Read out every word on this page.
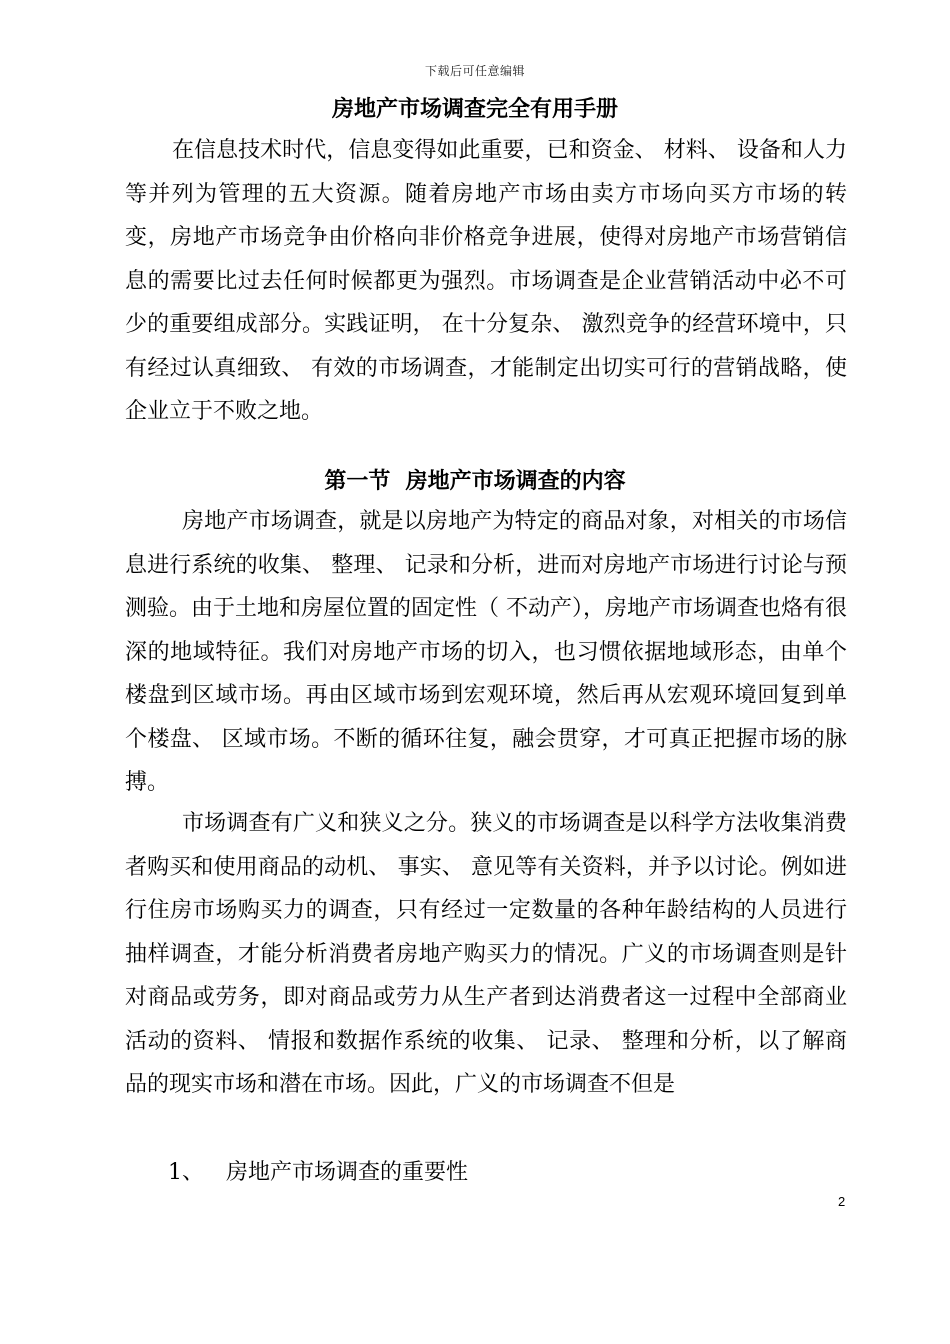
下载后可任意编辑
房地产市场调查完全有用手册

在信息技术时代，信息变得如此重要，已和资金、 材料、 设备和人力等并列为管理的五大资源。随着房地产市场由卖方市场向买方市场的转变，房地产市场竞争由价格向非价格竞争进展，使得对房地产市场营销信息的需要比过去任何时候都更为强烈。市场调查是企业营销活动中必不可少的重要组成部分。实践证明， 在十分复杂、 激烈竞争的经营环境中，只有经过认真细致、 有效的市场调查，才能制定出切实可行的营销战略，使企业立于不败之地。

第一节  房地产市场调查的内容

房地产市场调查，就是以房地产为特定的商品对象，对相关的市场信息进行系统的收集、 整理、 记录和分析，进而对房地产市场进行讨论与预测验。由于土地和房屋位置的固定性（ 不动产），房地产市场调查也烙有很深的地域特征。我们对房地产市场的切入，也习惯依据地域形态，由单个楼盘到区域市场。再由区域市场到宏观环境，然后再从宏观环境回复到单个楼盘、 区域市场。不断的循环往复，融会贯穿，才可真正把握市场的脉搏。

市场调查有广义和狭义之分。狭义的市场调查是以科学方法收集消费者购买和使用商品的动机、 事实、 意见等有关资料，并予以讨论。例如进行住房市场购买力的调查，只有经过一定数量的各种年龄结构的人员进行抽样调查，才能分析消费者房地产购买力的情况。广义的市场调查则是针对商品或劳务，即对商品或劳力从生产者到达消费者这一过程中全部商业活动的资料、 情报和数据作系统的收集、 记录、 整理和分析，以了解商品的现实市场和潜在市场。因此，广义的市场调查不但是

1、 房地产市场调查的重要性
2
